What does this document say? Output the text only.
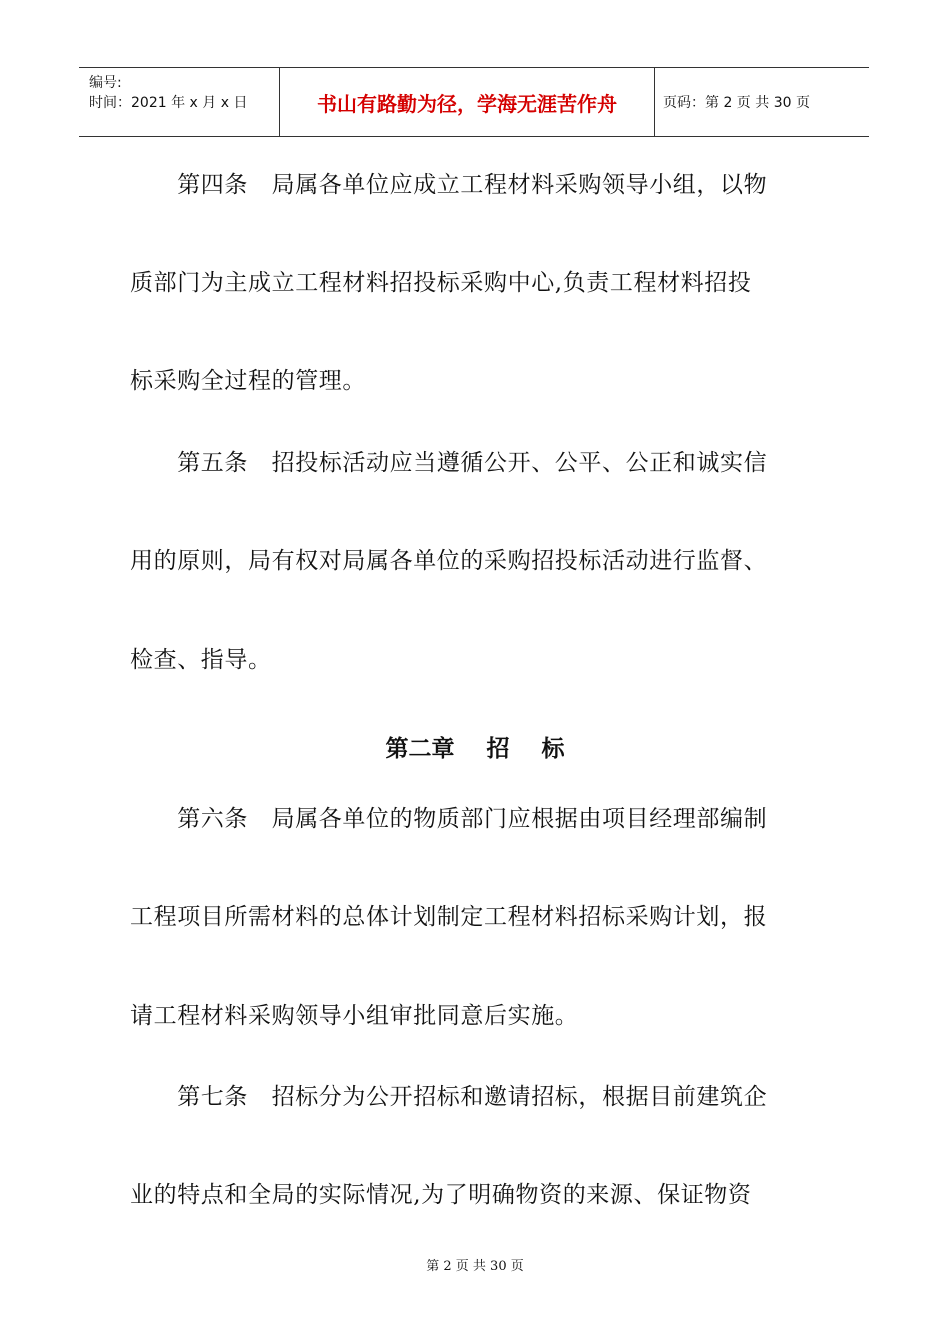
编号:
时间：2021 年 x 月 x 日	书山有路勤为径，学海无涯苦作舟	页码：第 2 页 共 30 页
　　第四条　局属各单位应成立工程材料采购领导小组，以物
质部门为主成立工程材料招投标采购中心,负责工程材料招投
标采购全过程的管理。
　　第五条　招投标活动应当遵循公开、公平、公正和诚实信
用的原则，局有权对局属各单位的采购招投标活动进行监督、
检查、指导。
第二章    招    标
　　第六条　局属各单位的物质部门应根据由项目经理部编制
工程项目所需材料的总体计划制定工程材料招标采购计划，报
请工程材料采购领导小组审批同意后实施。
　　第七条　招标分为公开招标和邀请招标，根据目前建筑企
业的特点和全局的实际情况,为了明确物资的来源、保证物资
第 2 页 共 30 页
